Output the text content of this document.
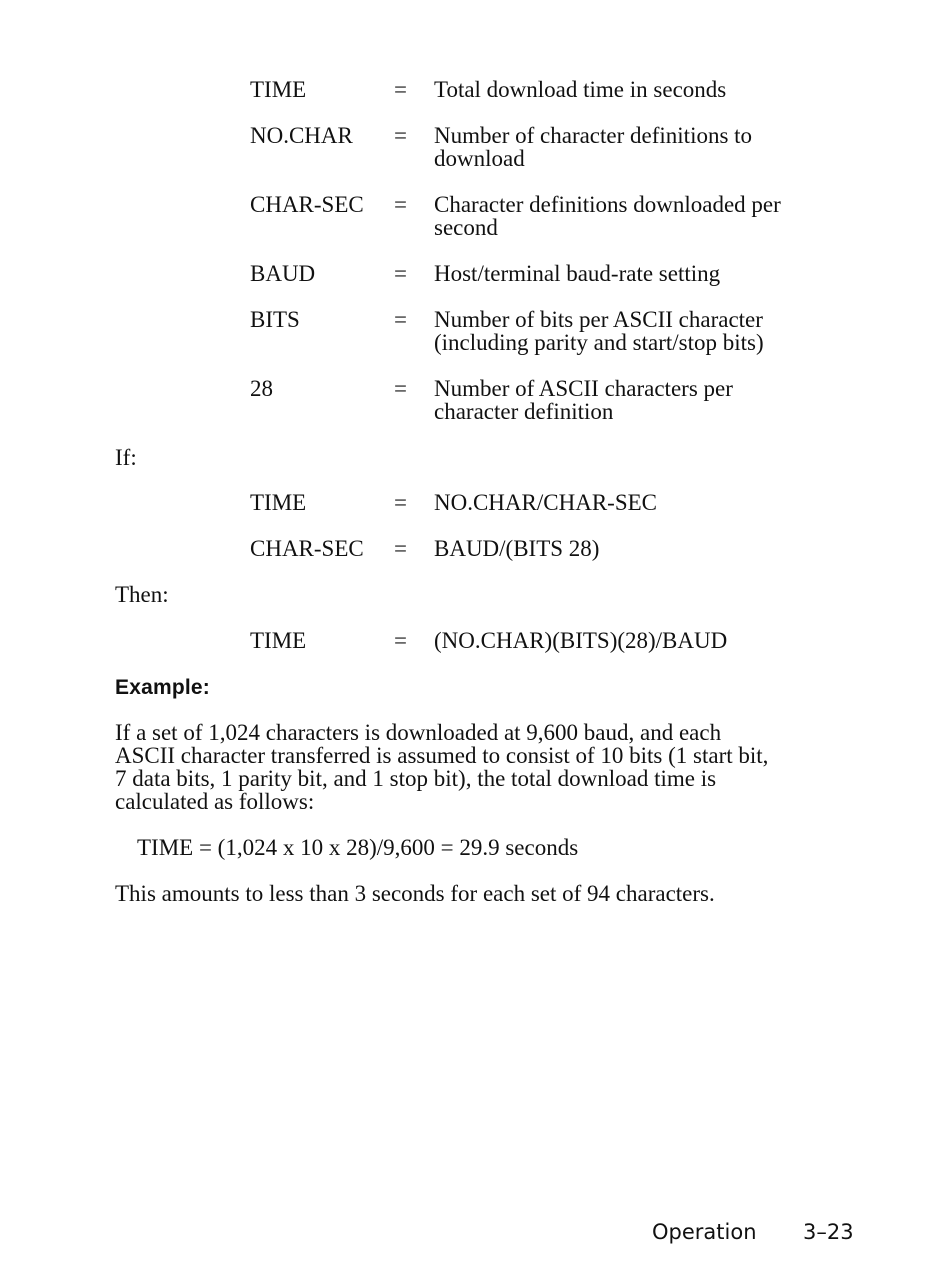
TIME	= Total download time in seconds
NO.CHAR = Number of character definitions to
download
CHAR-SEC = Character definitions downloaded per
second
BAUD	= Host/terminal baud-rate setting
BITS	= Number of bits per ASCII character
(including parity and start/stop bits)
28	= Number of ASCII characters per
character definition
If:
TIME	= NO.CHAR/CHAR-SEC
CHAR-SEC = BAUD/(BITS 28)
Then:
TIME	= (NO.CHAR)(BITS)(28)/BAUD
Example:
If a set of 1,024 characters is downloaded at 9,600 baud, and each
ASCII character transferred is assumed to consist of 10 bits (1 start bit,
7 data bits, 1 parity bit, and 1 stop bit), the total download time is
calculated as follows:
TIME = (1,024 x 10 x 28)/9,600 = 29.9 seconds
This amounts to less than 3 seconds for each set of 94 characters.
Operation 3–23
